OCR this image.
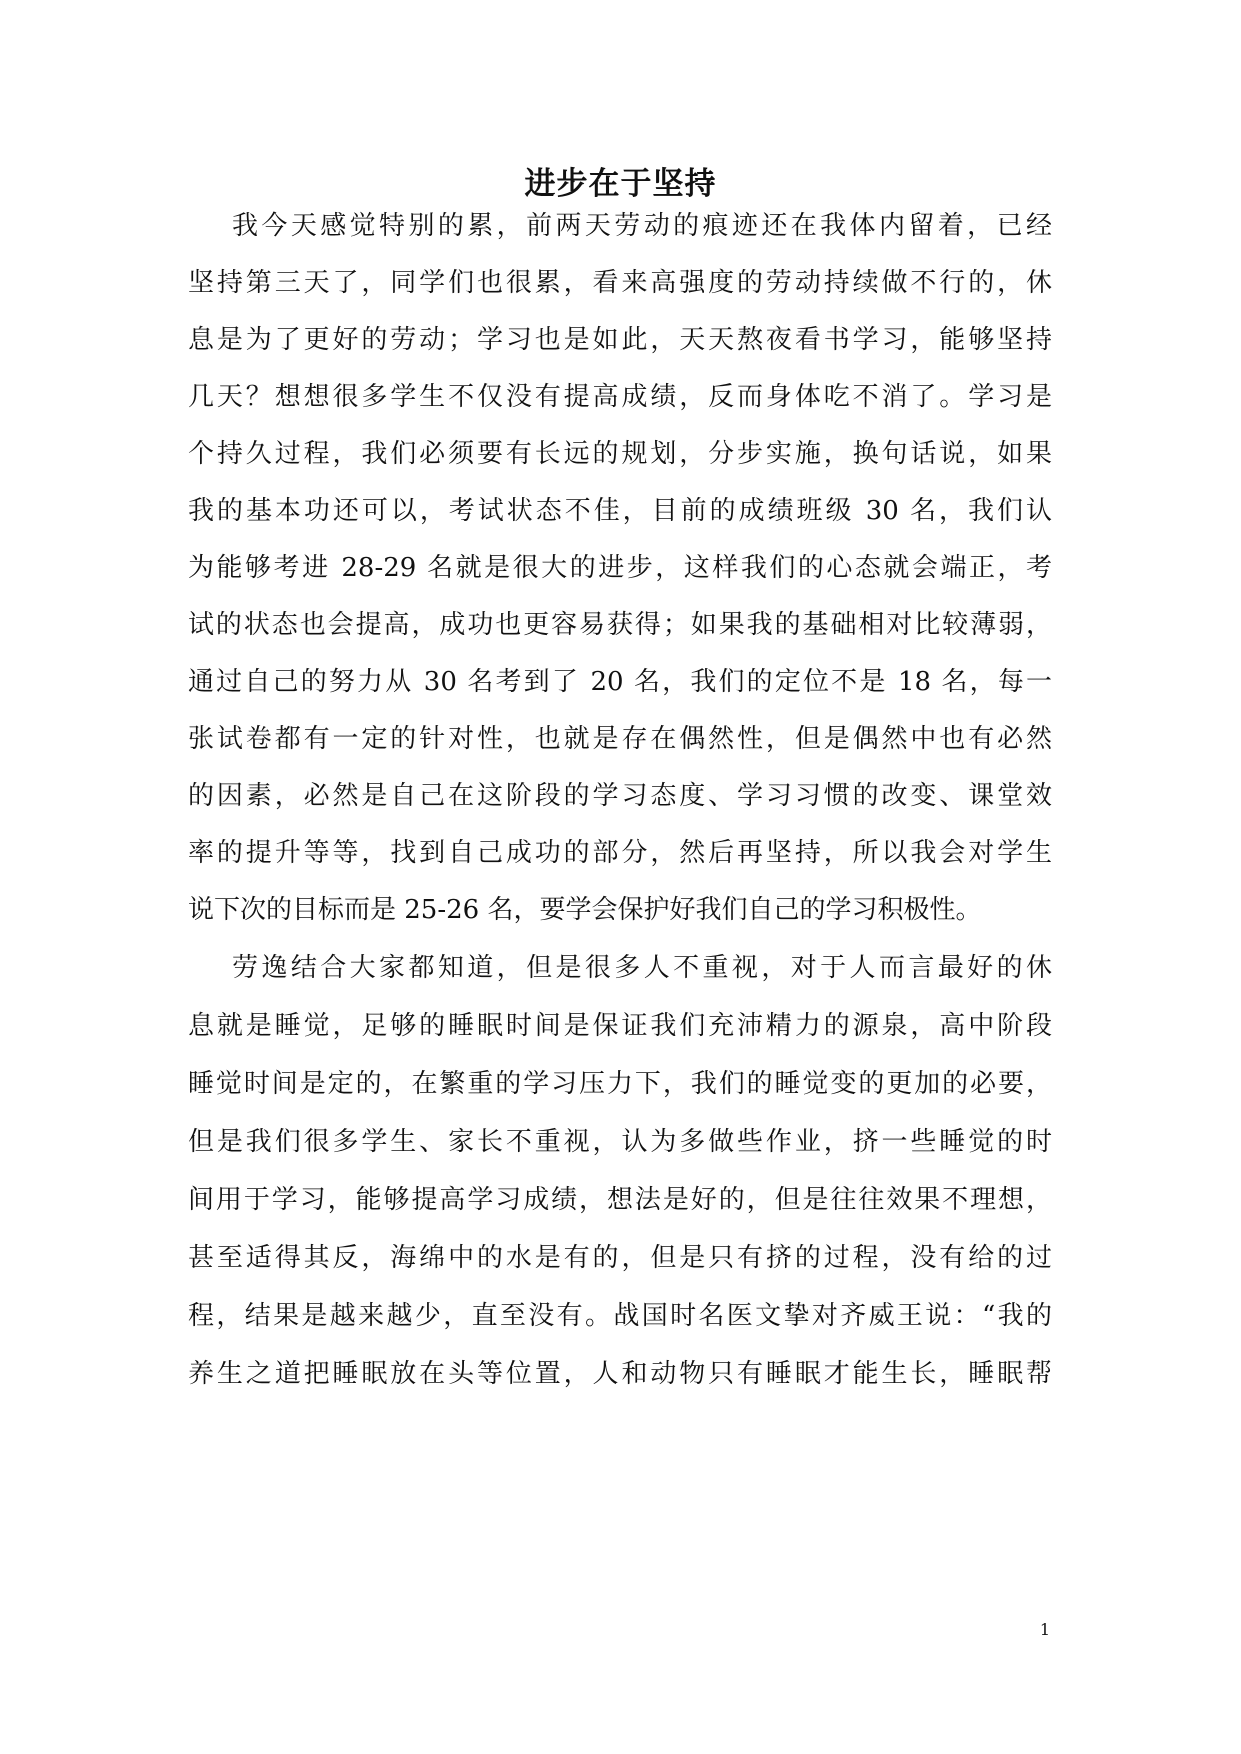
进步在于坚持

我今天感觉特别的累，前两天劳动的痕迹还在我体内留着，已经

坚持第三天了，同学们也很累，看来高强度的劳动持续做不行的，休

息是为了更好的劳动；学习也是如此，天天熬夜看书学习，能够坚持

几天？想想很多学生不仅没有提高成绩，反而身体吃不消了。学习是

个持久过程，我们必须要有长远的规划，分步实施，换句话说，如果

我的基本功还可以，考试状态不佳，目前的成绩班级 30 名，我们认

为能够考进 28-29 名就是很大的进步，这样我们的心态就会端正，考

试的状态也会提高，成功也更容易获得；如果我的基础相对比较薄弱，

通过自己的努力从 30 名考到了 20 名，我们的定位不是 18 名，每一

张试卷都有一定的针对性，也就是存在偶然性，但是偶然中也有必然

的因素，必然是自己在这阶段的学习态度、学习习惯的改变、课堂效

率的提升等等，找到自己成功的部分，然后再坚持，所以我会对学生

说下次的目标而是 25-26 名，要学会保护好我们自己的学习积极性。

劳逸结合大家都知道，但是很多人不重视，对于人而言最好的休

息就是睡觉，足够的睡眠时间是保证我们充沛精力的源泉，高中阶段

睡觉时间是定的，在繁重的学习压力下，我们的睡觉变的更加的必要，

但是我们很多学生、家长不重视，认为多做些作业，挤一些睡觉的时

间用于学习，能够提高学习成绩，想法是好的，但是往往效果不理想，

甚至适得其反，海绵中的水是有的，但是只有挤的过程，没有给的过

程，结果是越来越少，直至没有。战国时名医文挚对齐威王说：“我的

养生之道把睡眠放在头等位置，人和动物只有睡眠才能生长，睡眠帮

1
